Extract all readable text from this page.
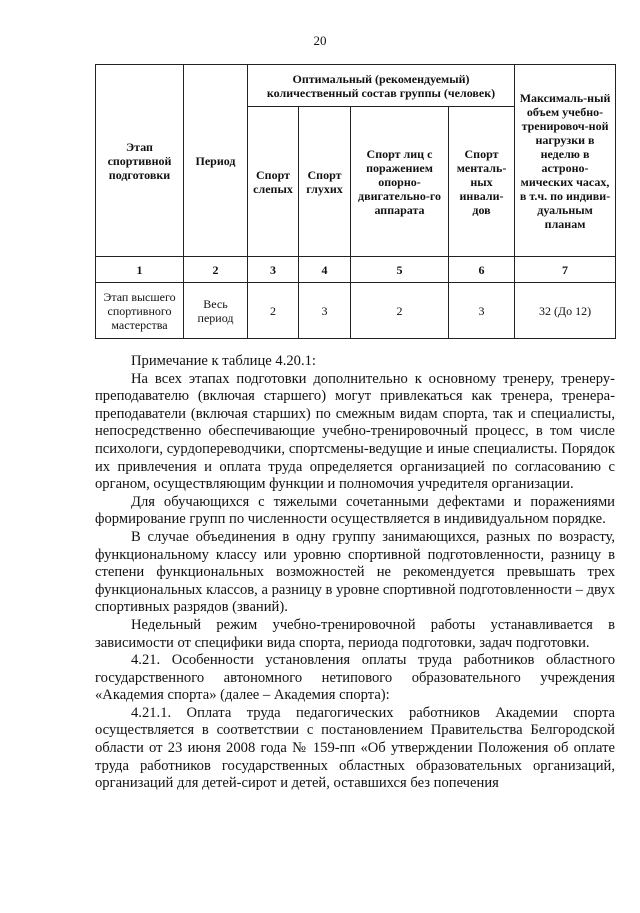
20
Этап спортивной подготовки	Период	Оптимальный (рекомендуемый) количественный состав группы (человек)				Максималь-ный объем учебно-тренировоч-ной нагрузки в неделю в астроно-мических часах, в т.ч. по индиви-дуальным планам
		Спорт слепых	Спорт глухих	Спорт лиц с поражением опорно-двигательно-го аппарата	Спорт менталь-ных инвали-дов	
1	2	3	4	5	6	7
Этап высшего спортивного мастерства	Весь период	2	3	2	3	32 (До 12)

Примечание к таблице 4.20.1:

На всех этапах подготовки дополнительно к основному тренеру, тренеру-преподавателю (включая старшего) могут привлекаться как тренера, тренера-преподаватели (включая старших) по смежным видам спорта, так и специалисты, непосредственно обеспечивающие учебно-тренировочный процесс, в том числе психологи, сурдопереводчики, спортсмены-ведущие и иные специалисты. Порядок их привлечения и оплата труда определяется организацией по согласованию с органом, осуществляющим функции и полномочия учредителя организации.

Для обучающихся с тяжелыми сочетанными дефектами и поражениями формирование групп по численности осуществляется в индивидуальном порядке.

В случае объединения в одну группу занимающихся, разных по возрасту, функциональному классу или уровню спортивной подготовленности, разницу в степени функциональных возможностей не рекомендуется превышать трех функциональных классов, а разницу в уровне спортивной подготовленности – двух спортивных разрядов (званий).

Недельный режим учебно-тренировочной работы устанавливается в зависимости от специфики вида спорта, периода подготовки, задач подготовки.

4.21. Особенности установления оплаты труда работников областного государственного автономного нетипового образовательного учреждения «Академия спорта» (далее – Академия спорта):

4.21.1. Оплата труда педагогических работников Академии спорта осуществляется в соответствии с постановлением Правительства Белгородской области от 23 июня 2008 года № 159-пп «Об утверждении Положения об оплате труда работников государственных областных образовательных организаций, организаций для детей-сирот и детей, оставшихся без попечения
